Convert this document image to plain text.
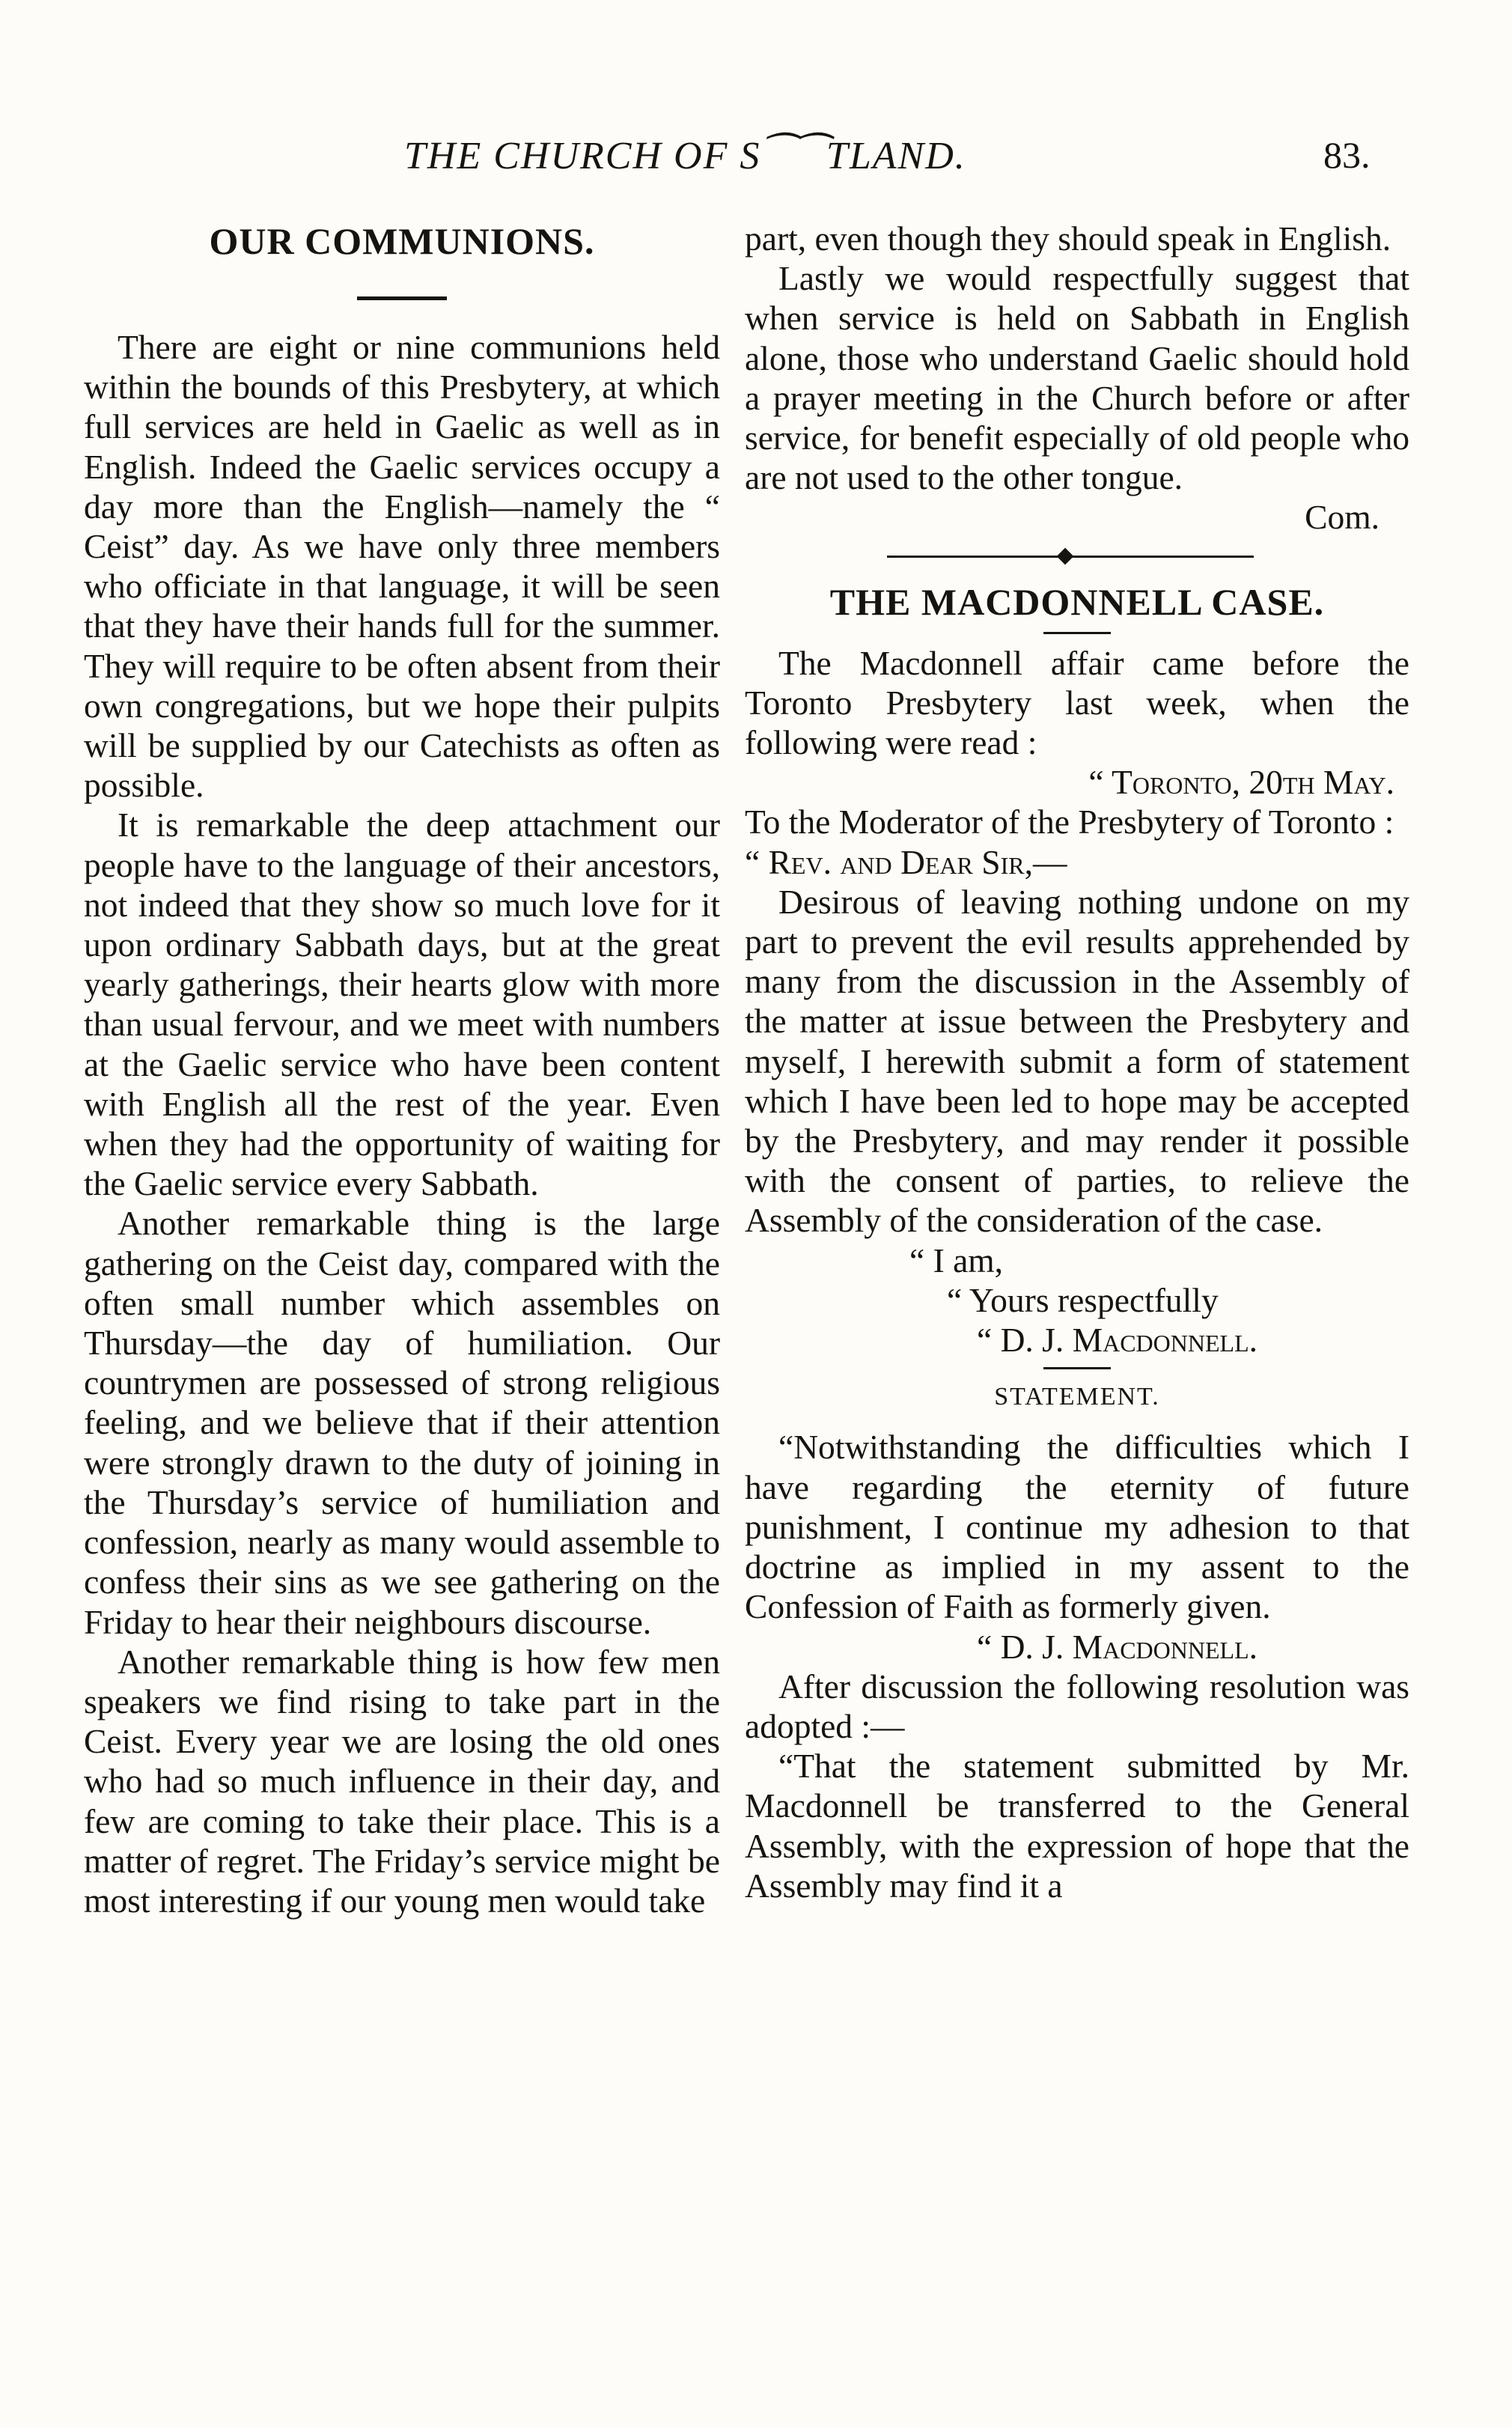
THE CHURCH OF S⁀⁀TLAND.	83.
OUR COMMUNIONS.

There are eight or nine communions held within the bounds of this Presbytery, at which full services are held in Gaelic as well as in English. Indeed the Gaelic services occupy a day more than the English—namely the “ Ceist” day. As we have only three members who officiate in that language, it will be seen that they have their hands full for the summer. They will require to be often absent from their own congregations, but we hope their pulpits will be supplied by our Catechists as often as possible.

It is remarkable the deep attachment our people have to the language of their ancestors, not indeed that they show so much love for it upon ordinary Sabbath days, but at the great yearly gatherings, their hearts glow with more than usual fervour, and we meet with numbers at the Gaelic service who have been content with English all the rest of the year. Even when they had the opportunity of waiting for the Gaelic service every Sabbath.

Another remarkable thing is the large gathering on the Ceist day, compared with the often small number which assembles on Thursday—the day of humiliation. Our countrymen are possessed of strong religious feeling, and we believe that if their attention were strongly drawn to the duty of joining in the Thursday’s service of humiliation and confession, nearly as many would assemble to confess their sins as we see gathering on the Friday to hear their neighbours discourse.

Another remarkable thing is how few men speakers we find rising to take part in the Ceist. Every year we are losing the old ones who had so much influence in their day, and few are coming to take their place. This is a matter of regret. The Friday’s service might be most interesting if our young men would take

part, even though they should speak in English.

Lastly we would respectfully suggest that when service is held on Sabbath in English alone, those who understand Gaelic should hold a prayer meeting in the Church before or after service, for benefit especially of old people who are not used to the other tongue.

Com.

THE MACDONNELL CASE.

The Macdonnell affair came before the Toronto Presbytery last week, when the following were read :

“ Toronto, 20th May.

To the Moderator of the Presbytery of Toronto :

“ Rev. and Dear Sir,—

Desirous of leaving nothing undone on my part to prevent the evil results apprehended by many from the discussion in the Assembly of the matter at issue between the Presbytery and myself, I herewith submit a form of statement which I have been led to hope may be accepted by the Presbytery, and may render it possible with the consent of parties, to relieve the Assembly of the consideration of the case.

“ I am,

“ Yours respectfully

“ D. J. Macdonnell.

STATEMENT.

“Notwithstanding the difficulties which I have regarding the eternity of future punishment, I continue my adhesion to that doctrine as implied in my assent to the Confession of Faith as formerly given.

“ D. J. Macdonnell.

After discussion the following resolution was adopted :—

“That the statement submitted by Mr. Macdonnell be transferred to the General Assembly, with the expression of hope that the Assembly may find it a
